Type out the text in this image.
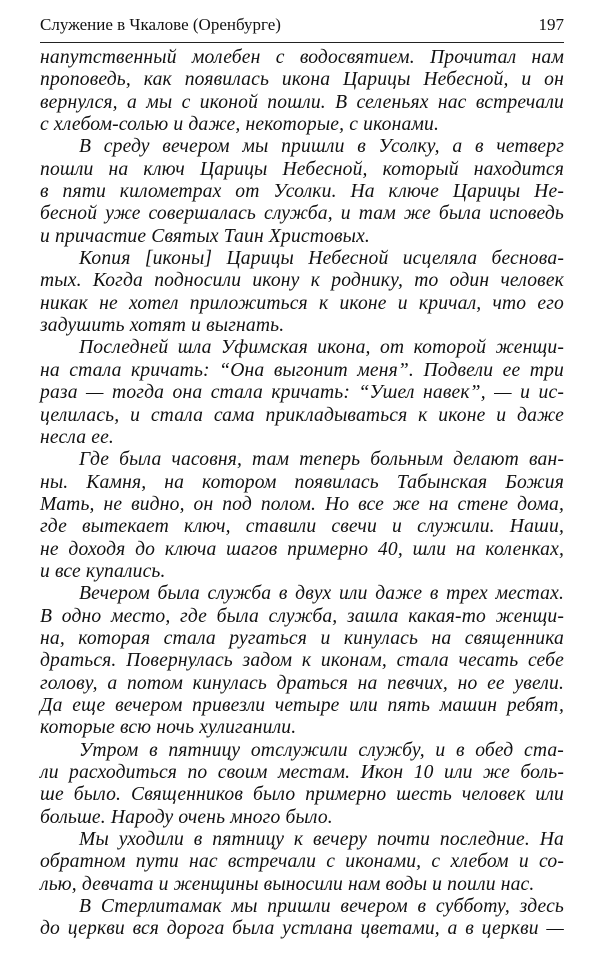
Служение в Чкалове (Оренбурге)	197
напутственный молебен с водосвятием. Прочитал нам
проповедь, как появилась икона Царицы Небесной, и он
вернулся, а мы с иконой пошли. В селеньях нас встречали
с хлебом-солью и даже, некоторые, с иконами.
В среду вечером мы пришли в Усолку, а в четверг
пошли на ключ Царицы Небесной, который находится
в пяти километрах от Усолки. На ключе Царицы Не-
бесной уже совершалась служба, и там же была исповедь
и причастие Святых Таин Христовых.
Копия [иконы] Царицы Небесной исцеляла бесновa-
тых. Когда подносили икону к роднику, то один человек
никак не хотел приложиться к иконе и кричал, что его
задушить хотят и выгнать.
Последней шла Уфимская икона, от которой женщи-
на стала кричать: “Она выгонит меня”. Подвели ее три
раза — тогда она стала кричать: “Ушел навек”, — и ис-
целилась, и стала сама прикладываться к иконе и даже
несла ее.
Где была часовня, там теперь больным делают ван-
ны. Камня, на котором появилась Табынская Божия
Мать, не видно, он под полом. Но все же на стене дома,
где вытекает ключ, ставили свечи и служили. Наши,
не доходя до ключа шагов примерно 40, шли на коленках,
и все купались.
Вечером была служба в двух или даже в трех местах.
В одно место, где была служба, зашла какая-то женщи-
на, которая стала ругаться и кинулась на священника
драться. Повернулась задом к иконам, стала чесать себе
голову, а потом кинулась драться на певчих, но ее увели.
Да еще вечером привезли четыре или пять машин ребят,
которые всю ночь хулиганили.
Утром в пятницу отслужили службу, и в обед ста-
ли расходиться по своим местам. Икон 10 или же боль-
ше было. Священников было примерно шесть человек или
больше. Народу очень много было.
Мы уходили в пятницу к вечеру почти последние. На
обратном пути нас встречали с иконами, с хлебом и со-
лью, девчата и женщины выносили нам воды и поили нас.
В Стерлитамак мы пришли вечером в субботу, здесь
до церкви вся дорога была устлана цветами, а в церкви —
